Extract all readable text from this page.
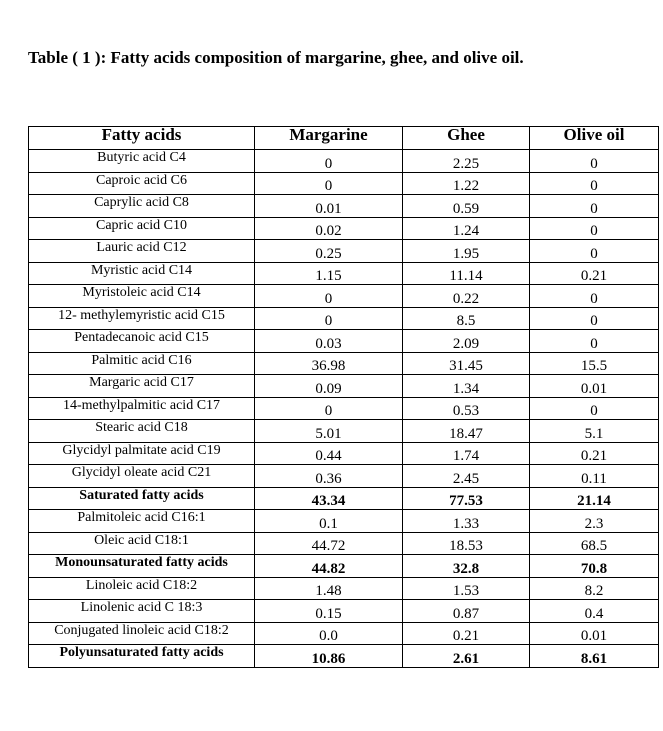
Table ( 1 ): Fatty acids composition of margarine, ghee, and olive oil.
Fatty acids	Margarine	Ghee	Olive oil
Butyric acid C4	0	2.25	0
Caproic acid C6	0	1.22	0
Caprylic acid C8	0.01	0.59	0
Capric acid C10	0.02	1.24	0
Lauric acid C12	0.25	1.95	0
Myristic acid C14	1.15	11.14	0.21
Myristoleic acid C14	0	0.22	0
12- methylemyristic acid C15	0	8.5	0
Pentadecanoic acid C15	0.03	2.09	0
Palmitic acid C16	36.98	31.45	15.5
Margaric acid C17	0.09	1.34	0.01
14-methylpalmitic acid C17	0	0.53	0
Stearic acid C18	5.01	18.47	5.1
Glycidyl palmitate acid C19	0.44	1.74	0.21
Glycidyl oleate acid C21	0.36	2.45	0.11
Saturated fatty acids	43.34	77.53	21.14
Palmitoleic acid C16:1	0.1	1.33	2.3
Oleic acid C18:1	44.72	18.53	68.5
Monounsaturated fatty acids	44.82	32.8	70.8
Linoleic acid C18:2	1.48	1.53	8.2
Linolenic acid C 18:3	0.15	0.87	0.4
Conjugated linoleic acid C18:2	0.0	0.21	0.01
Polyunsaturated fatty acids	10.86	2.61	8.61
